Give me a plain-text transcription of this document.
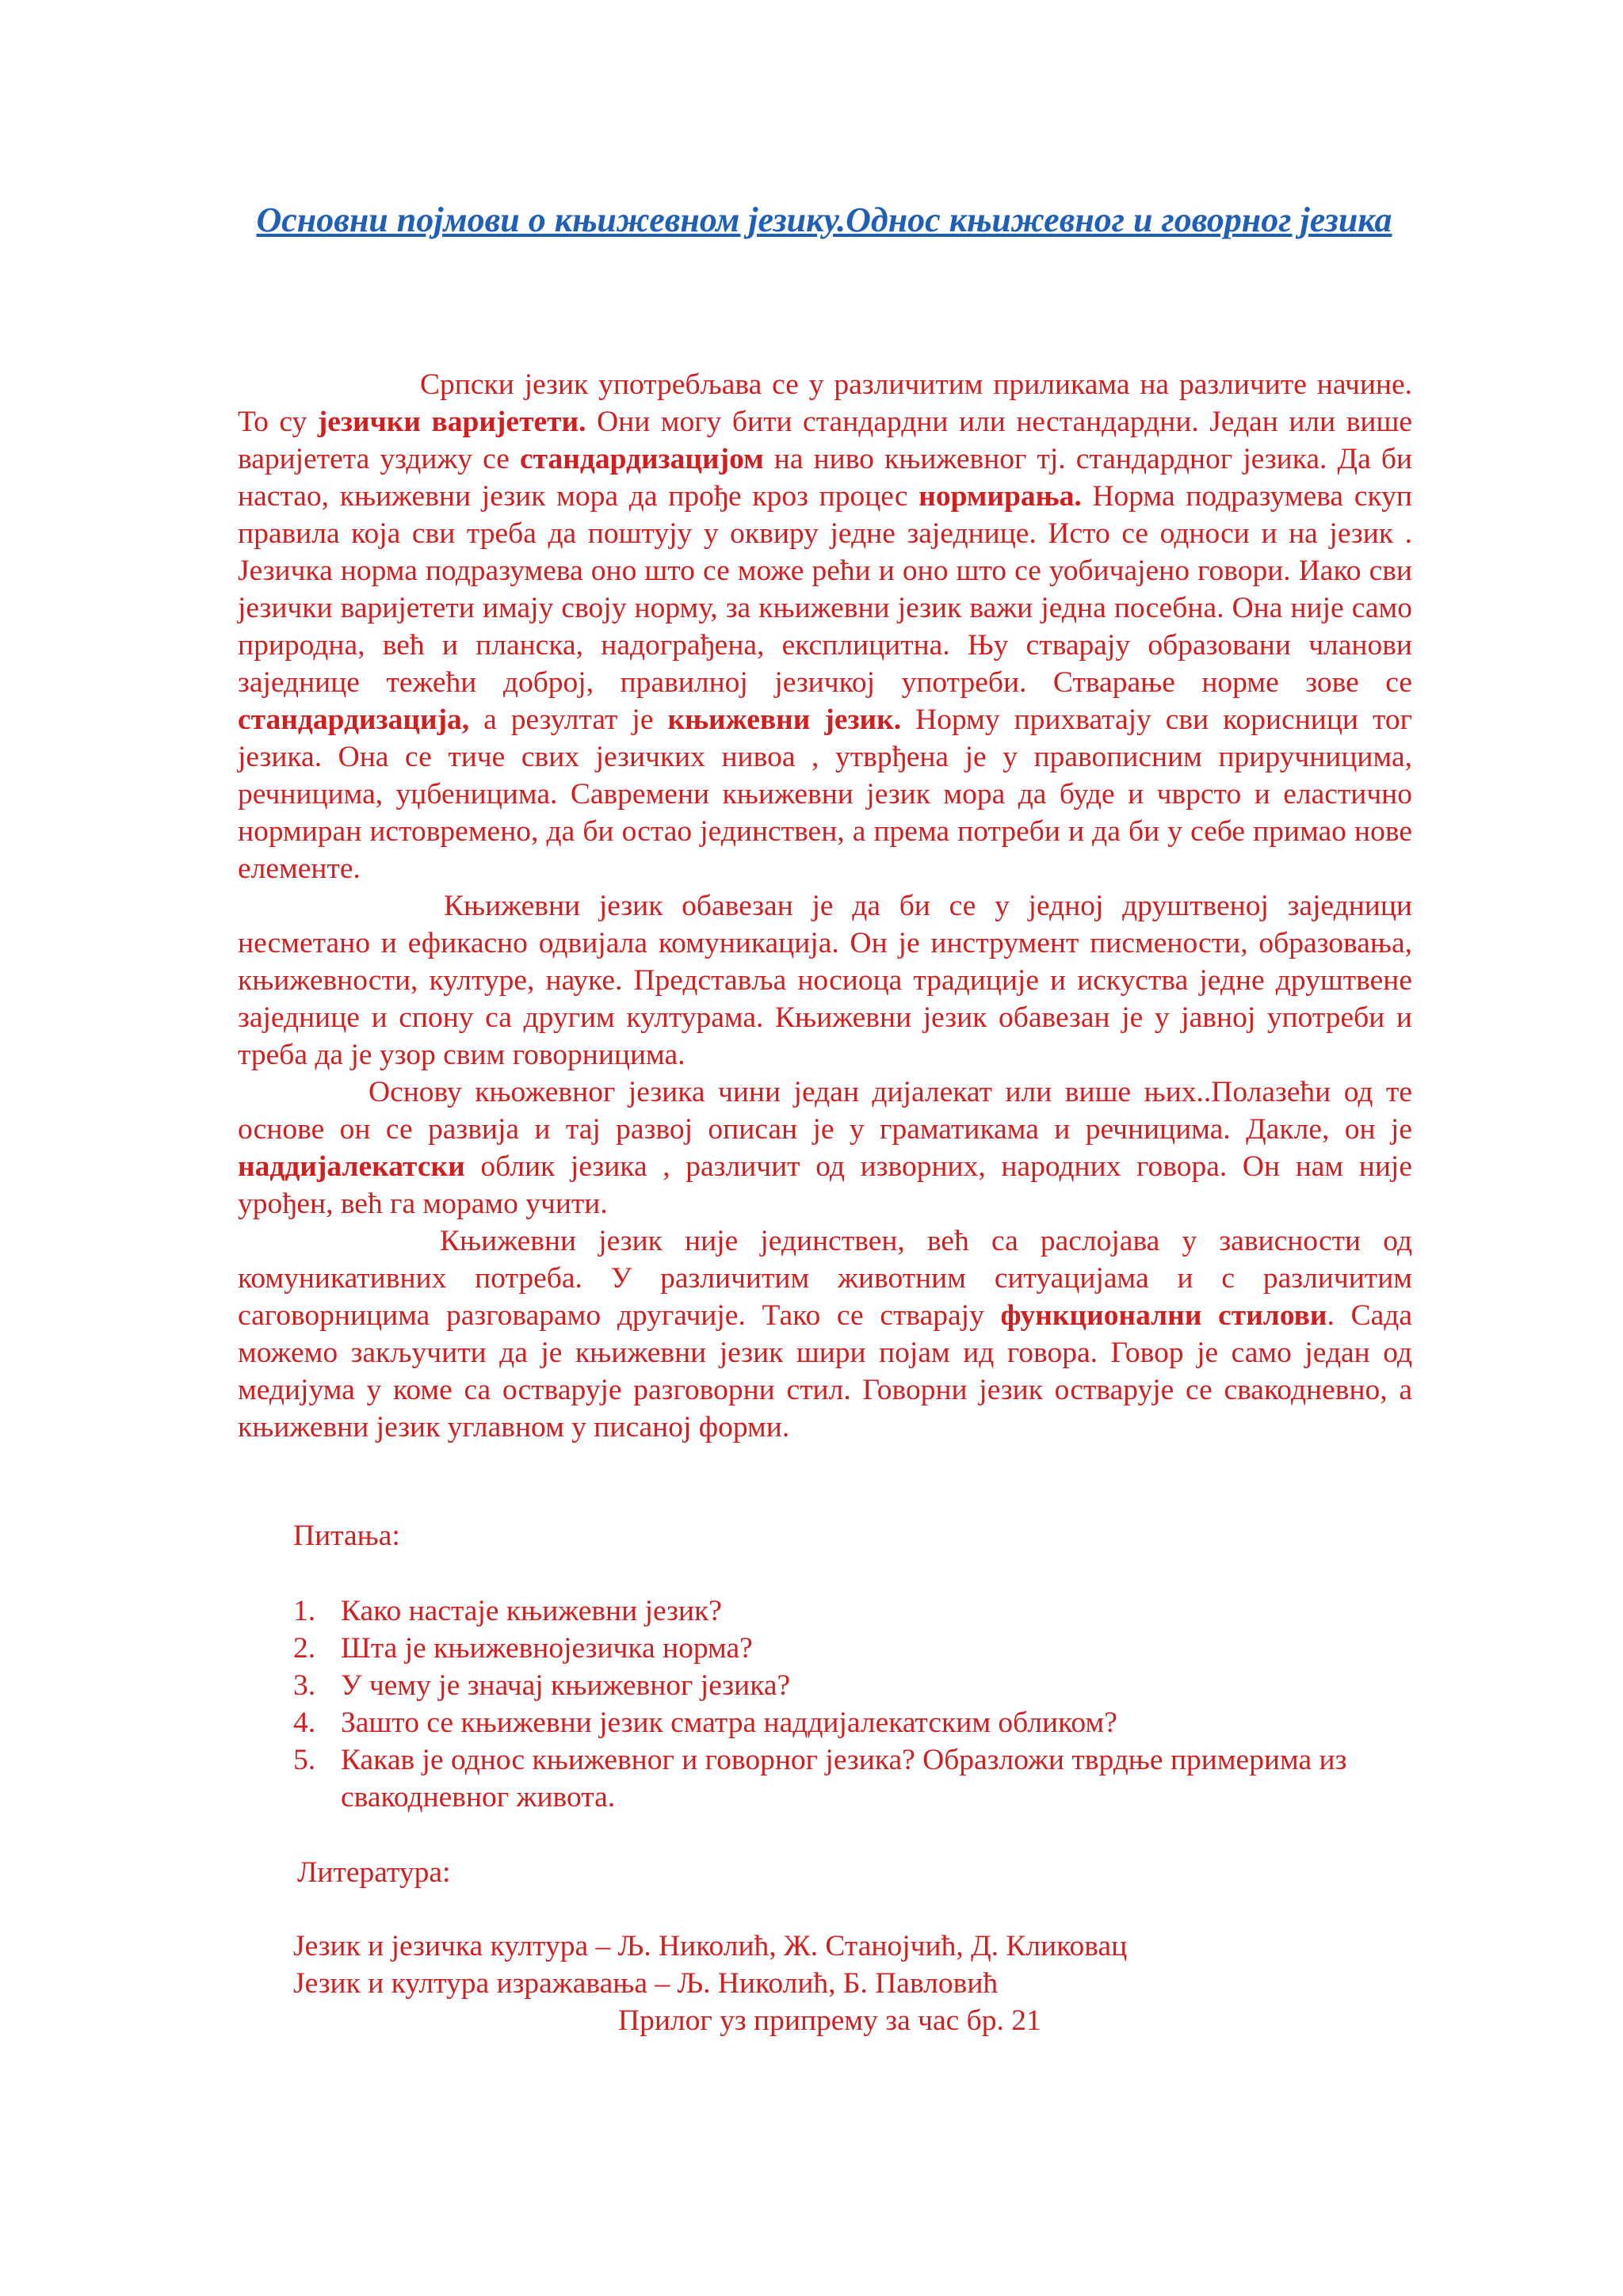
Основни појмови о књижевном језику.Однос књижевног и говорног језика

Српски језик употребљава се у различитим приликама на различите начине. То су језички варијетети. Они могу бити стандардни или нестандардни. Један или више варијетета уздижу се стандардизацијом на ниво књижевног тј. стандардног језика. Да би настао, књижевни језик мора да прође кроз процес нормирања. Норма подразумева скуп правила која сви треба да поштују у оквиру једне заједнице. Исто се односи и на језик . Језичка норма подразумева оно што се може рећи и оно што се уобичајено говори. Иако сви језички варијетети имају своју норму, за књижевни језик важи једна посебна. Она није само природна, већ и планска, надограђена, експлицитна. Њу стварају образовани чланови заједнице тежећи доброј, правилној језичкој употреби. Стварање норме зове се стандардизација, а резултат је књижевни језик. Норму прихватају сви корисници тог језика. Она се тиче свих језичких нивоа , утврђена је у правописним приручницима, речницима, уџбеницима. Савремени књижевни језик мора да буде и чврсто и еластично нормиран истовремено, да би остао јединствен, а према потреби и да би у себе примао нове елементе.

Књижевни језик обавезан је да би се у једној друштвеној заједници несметано и ефикасно одвијала комуникација. Он је инструмент писмености, образовања, књижевности, културе, науке. Представља носиоца традиције и искуства једне друштвене заједнице и спону са другим културама. Књижевни језик обавезан је у јавној употреби и треба да је узор свим говорницима.

Основу књожевног језика чини један дијалекат или више њих..Полазећи од те основе он се развија и тај развој описан је у граматикама и речницима. Дакле, он је наддијалекатски облик језика , различит од изворних, народних говора. Он нам није урођен, већ га морамо учити.

Књижевни језик није јединствен, већ са раслојава у зависности од комуникативних потреба. У различитим животним ситуацијама и с различитим саговорницима разговарамо другачије. Тако се стварају функционални стилови. Сада можемо закључити да је књижевни језик шири појам ид говора. Говор је само један од медијума у коме са остварује разговорни стил. Говорни језик остварује се свакодневно, а књижевни језик углавном у писаној форми.

Питања:
1. Како настаје књижевни језик?
2. Шта је књижевнојезичка норма?
3. У чему је значај књижевног језика?
4. Зашто се књижевни језик сматра наддијалекатским обликом?
5. Какав је однос књижевног и говорног језика? Образложи тврдње примерима из свакодневног живота.
Литература:
Језик и језичка култура – Љ. Николић, Ж. Станојчић, Д. Кликовац
Језик и култура изражавања – Љ. Николић, Б. Павловић
Прилог уз припрему за час бр. 21
